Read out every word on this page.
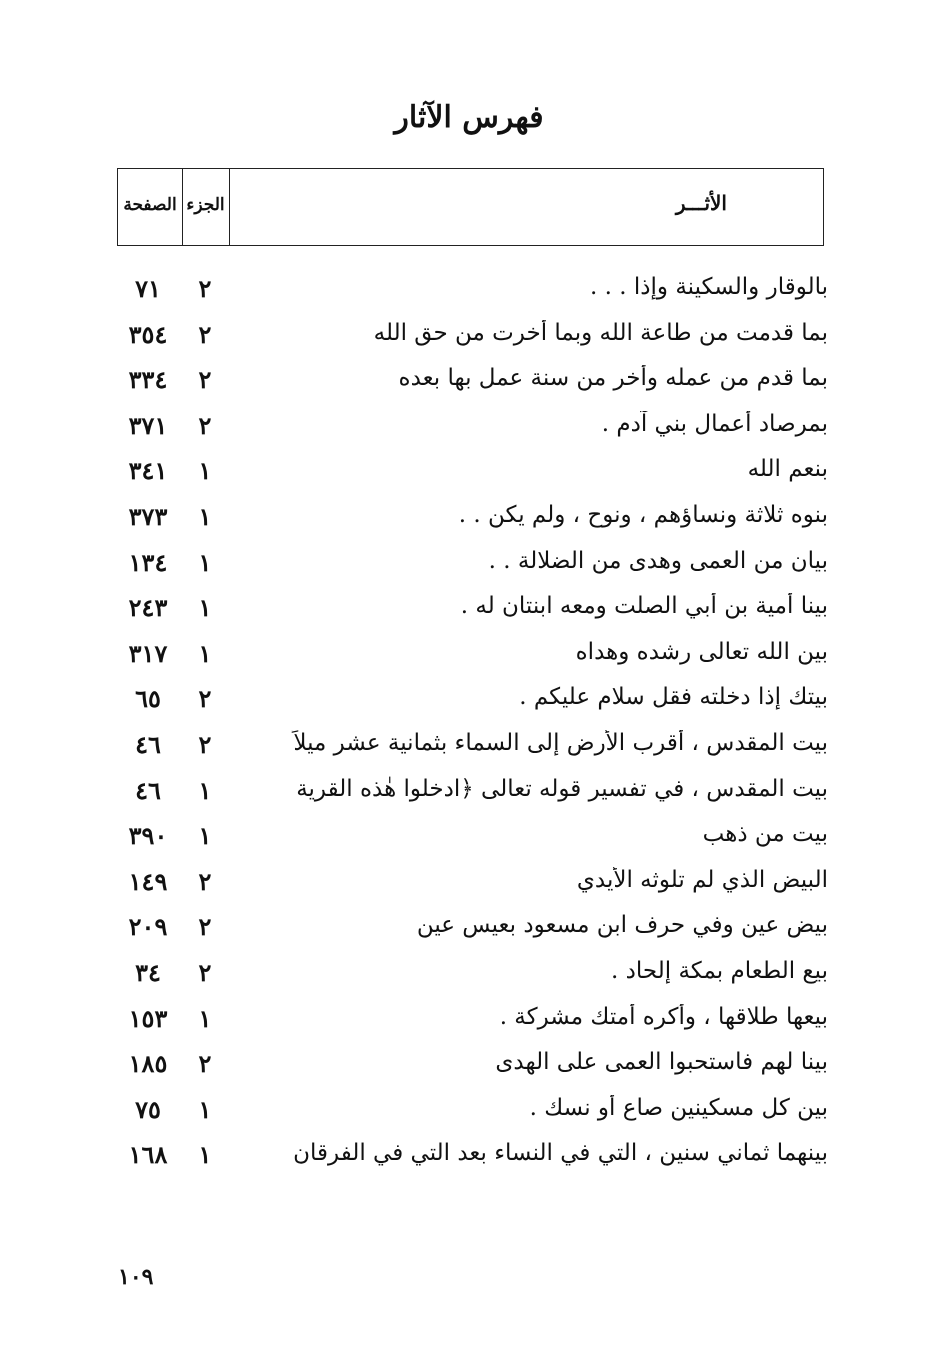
فهرس الآثار
الصفحة الجزء	الأثـــر
بالوقار والسكينة وإذا . . .
٢
٧١
بما قدمت من طاعة الله وبما أخرت من حق الله
٢
٣٥٤
بما قدم من عمله وأخر من سنة عمل بها بعده
٢
٣٣٤
بمرصاد أعمال بني آدم .
٢
٣٧١
بنعم الله
١
٣٤١
بنوه ثلاثة ونساؤهم ، ونوح ، ولم يكن . .
١
٣٧٣
بيان من العمى وهدى من الضلالة . .
١
١٣٤
بينا أمية بن أبي الصلت ومعه ابنتان له .
١
٢٤٣
بين الله تعالى رشده وهداه
١
٣١٧
بيتك إذا دخلته فقل سلام عليكم .
٢
٦٥
بيت المقدس ، أقرب الأرض إلى السماء بثمانية عشر ميلاً
٢
٤٦
بيت المقدس ، في تفسير قوله تعالى ﴿ادخلوا هٰذه القرية
١
٤٦
بيت من ذهب
١
٣٩٠
البيض الذي لم تلوثه الأيدي
٢
١٤٩
بيض عين وفي حرف ابن مسعود بعيس عين
٢
٢٠٩
بيع الطعام بمكة إلحاد .
٢
٣٤
بيعها طلاقها ، وأكره أمتك مشركة .
١
١٥٣
بينا لهم فاستحبوا العمى على الهدى
٢
١٨٥
بين كل مسكينين صاع أو نسك .
١
٧٥
بينهما ثماني سنين ، التي في النساء بعد التي في الفرقان
١
١٦٨
١٠٩
